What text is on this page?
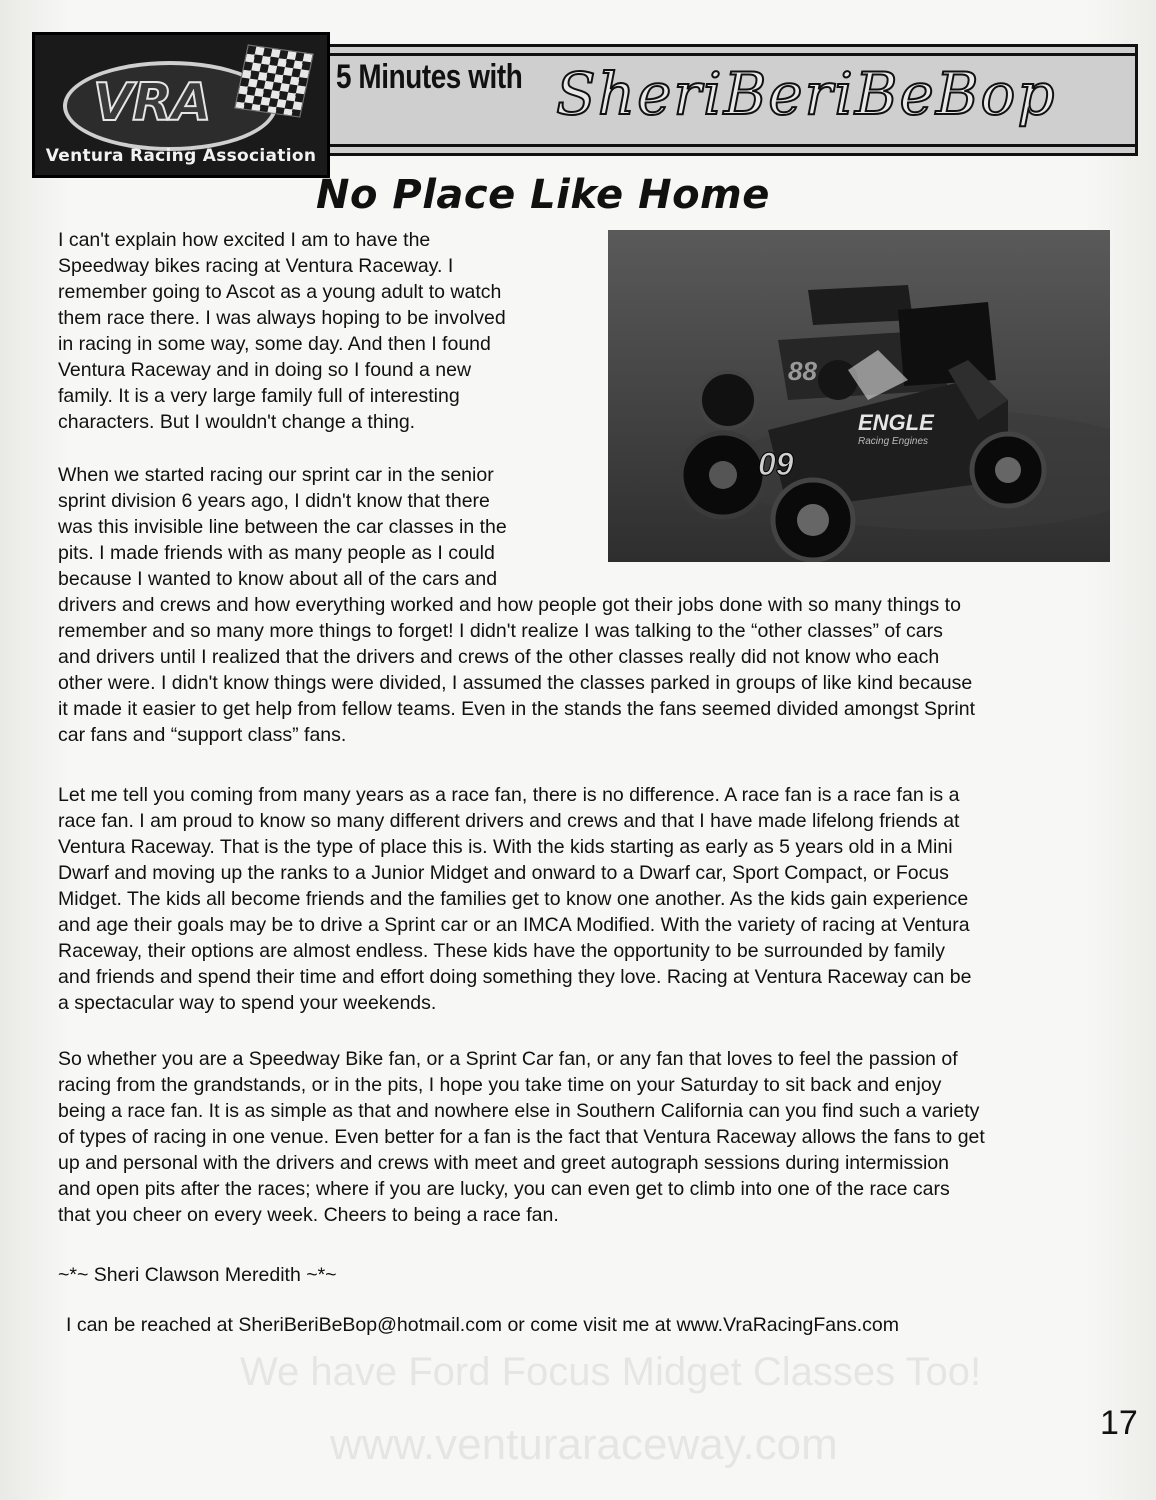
VRA
Ventura Racing Association
5 Minutes with SheriBeriBeBop
No Place Like Home
88
09
ENGLE
Racing Engines
I can't explain how excited I am to have the
Speedway bikes racing at Ventura Raceway. I
remember going to Ascot as a young adult to watch
them race there. I was always hoping to be involved
in racing in some way, some day. And then I found
Ventura Raceway and in doing so I found a new
family. It is a very large family full of interesting
characters. But I wouldn't change a thing.
When we started racing our sprint car in the senior
sprint division 6 years ago, I didn't know that there
was this invisible line between the car classes in the
pits. I made friends with as many people as I could
because I wanted to know about all of the cars and
drivers and crews and how everything worked and how people got their jobs done with so many things to
remember and so many more things to forget! I didn't realize I was talking to the “other classes” of cars
and drivers until I realized that the drivers and crews of the other classes really did not know who each
other were. I didn't know things were divided, I assumed the classes parked in groups of like kind because
it made it easier to get help from fellow teams. Even in the stands the fans seemed divided amongst Sprint
car fans and “support class” fans.
Let me tell you coming from many years as a race fan, there is no difference. A race fan is a race fan is a
race fan. I am proud to know so many different drivers and crews and that I have made lifelong friends at
Ventura Raceway. That is the type of place this is. With the kids starting as early as 5 years old in a Mini
Dwarf and moving up the ranks to a Junior Midget and onward to a Dwarf car, Sport Compact, or Focus
Midget. The kids all become friends and the families get to know one another. As the kids gain experience
and age their goals may be to drive a Sprint car or an IMCA Modified. With the variety of racing at Ventura
Raceway, their options are almost endless. These kids have the opportunity to be surrounded by family
and friends and spend their time and effort doing something they love. Racing at Ventura Raceway can be
a spectacular way to spend your weekends.
So whether you are a Speedway Bike fan, or a Sprint Car fan, or any fan that loves to feel the passion of
racing from the grandstands, or in the pits, I hope you take time on your Saturday to sit back and enjoy
being a race fan. It is as simple as that and nowhere else in Southern California can you find such a variety
of types of racing in one venue. Even better for a fan is the fact that Ventura Raceway allows the fans to get
up and personal with the drivers and crews with meet and greet autograph sessions during intermission
and open pits after the races; where if you are lucky, you can even get to climb into one of the race cars
that you cheer on every week. Cheers to being a race fan.
~*~ Sheri Clawson Meredith ~*~
I can be reached at SheriBeriBeBop@hotmail.com or come visit me at www.VraRacingFans.com
17
